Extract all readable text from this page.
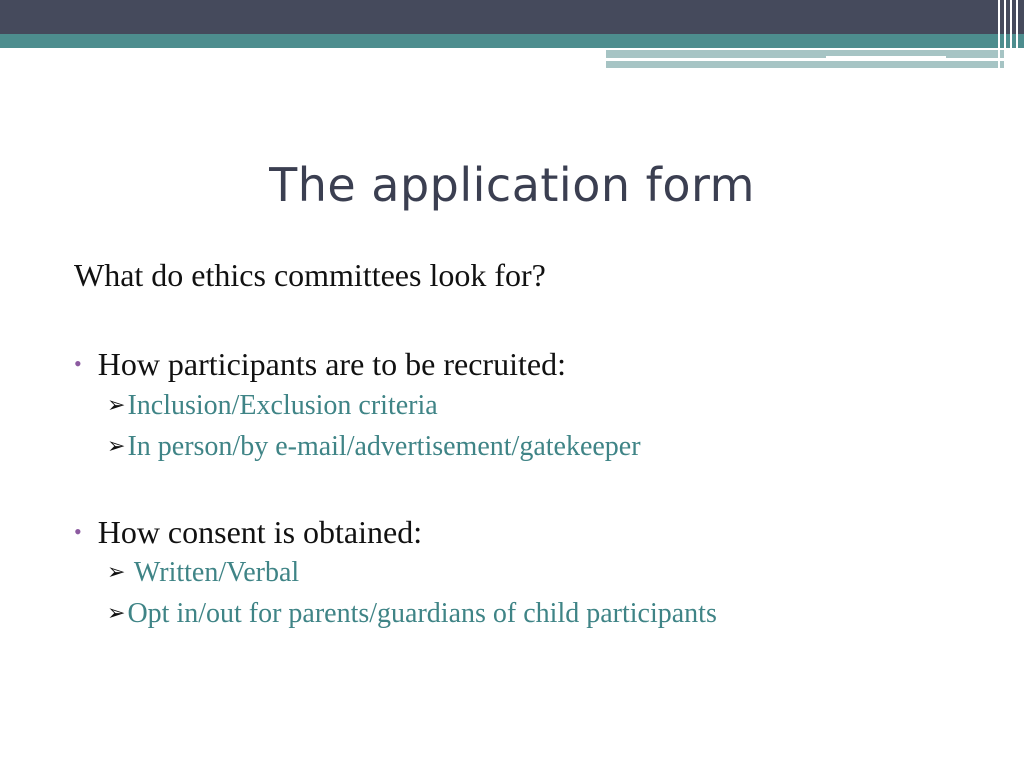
The application form
What do ethics committees look for?
• How participants are to be recruited:
➢Inclusion/Exclusion criteria
➢In person/by e-mail/advertisement/gatekeeper
• How consent is obtained:
➢ Written/Verbal
➢Opt in/out for parents/guardians of child participants
